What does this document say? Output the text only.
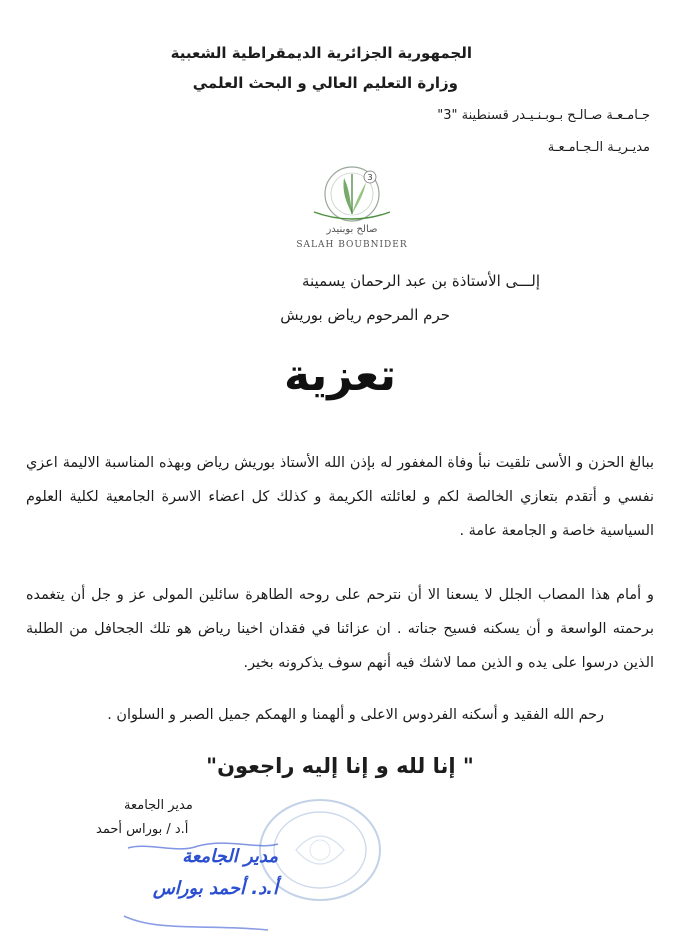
الجمهورية الجزائرية الديمقراطية الشعبية
وزارة التعليم العالي و البحث العلمي
جـامـعـة صـالـح بـوبـنـيـدر قسنطينة "3"
مديـريـة الـجـامـعـة
3
صالح بوبنيدر
SALAH BOUBNIDER
إلـــى الأستاذة بن عبد الرحمان يسمينة
حرم المرحوم رياض بوريش
تعزية
ببالغ الحزن و الأسى تلقيت نبأ وفاة المغفور له بإذن الله الأستاذ بوريش رياض وبهذه المناسبة الاليمة اعزي نفسي و أتقدم بتعازي الخالصة لكم و لعائلته الكريمة و كذلك كل اعضاء الاسرة الجامعية لكلية العلوم السياسية خاصة و الجامعة عامة .
و أمام هذا المصاب الجلل لا يسعنا الا أن نترحم على روحه الطاهرة سائلين المولى عز و جل أن يتغمده برحمته الواسعة و أن يسكنه فسيح جناته . ان عزائنا في فقدان اخينا رياض هو تلك الجحافل من الطلبة الذين درسوا على يده و الذين مما لاشك فيه أنهم سوف يذكرونه بخير.
رحم الله الفقيد و أسكنه الفردوس الاعلى و ألهمنا و الهمكم جميل الصبر و السلوان .
" إنا لله و إنا إليه راجعون"
مدير الجامعة
أ.د / بوراس أحمد
مدير الجامعة
أ.د. أحمد بوراس
